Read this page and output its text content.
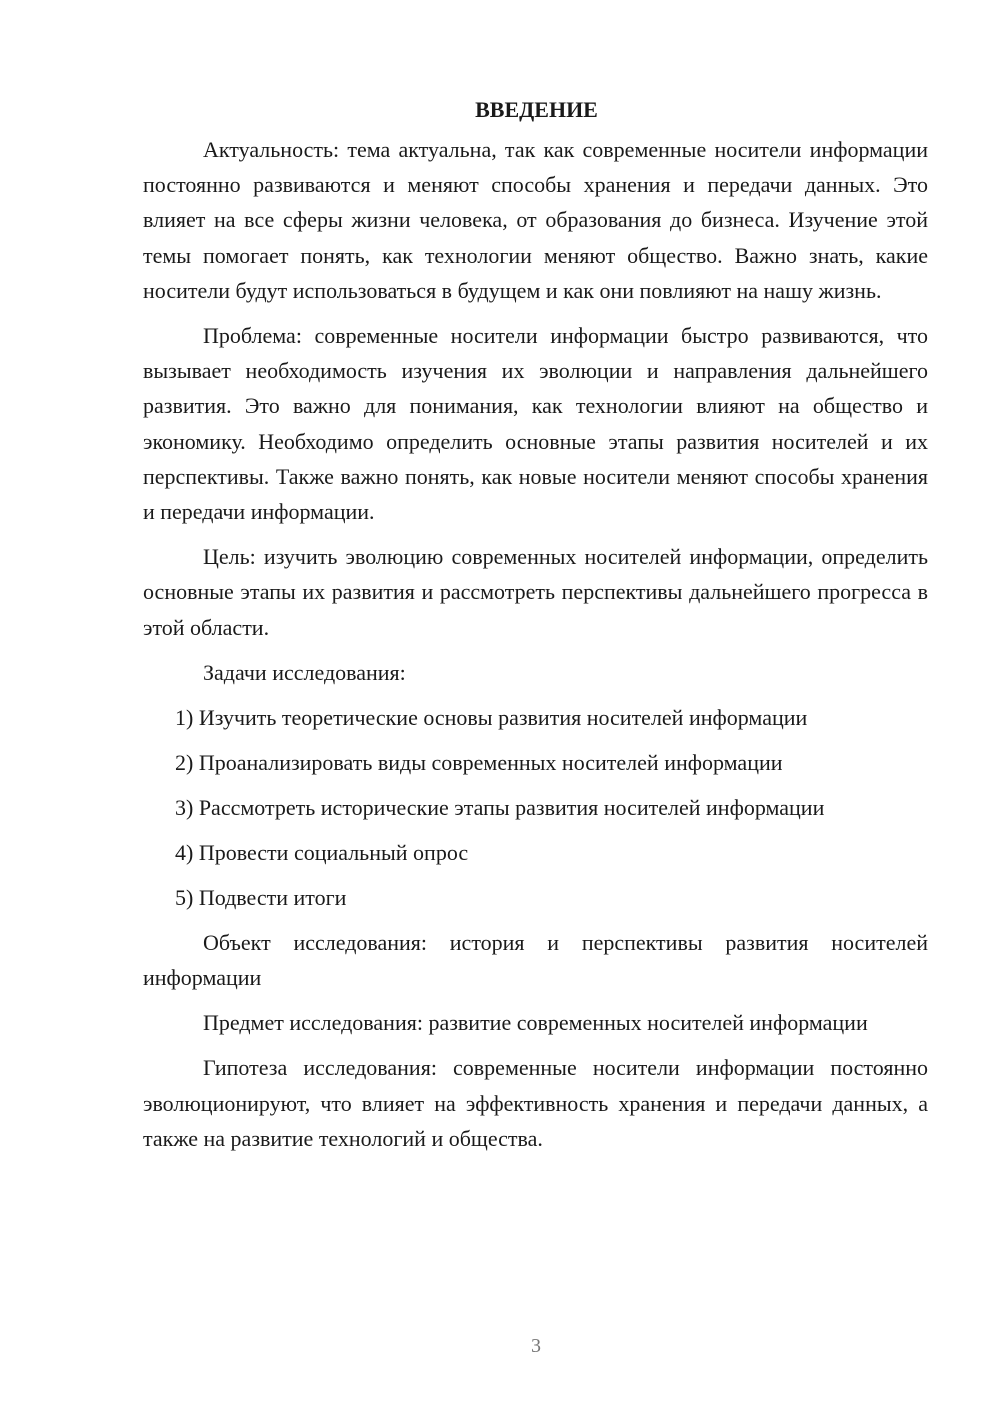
ВВЕДЕНИЕ

Актуальность: тема актуальна, так как современные носители информации постоянно развиваются и меняют способы хранения и передачи данных. Это влияет на все сферы жизни человека, от образования до бизнеса. Изучение этой темы помогает понять, как технологии меняют общество. Важно знать, какие носители будут использоваться в будущем и как они повлияют на нашу жизнь.

Проблема: современные носители информации быстро развиваются, что вызывает необходимость изучения их эволюции и направления дальнейшего развития. Это важно для понимания, как технологии влияют на общество и экономику. Необходимо определить основные этапы развития носителей и их перспективы. Также важно понять, как новые носители меняют способы хранения и передачи информации.

Цель: изучить эволюцию современных носителей информации, определить основные этапы их развития и рассмотреть перспективы дальнейшего прогресса в этой области.

Задачи исследования:

1) Изучить теоретические основы развития носителей информации
2) Проанализировать виды современных носителей информации
3) Рассмотреть исторические этапы развития носителей информации
4) Провести социальный опрос
5) Подвести итоги

Объект исследования: история и перспективы развития носителей информации

Предмет исследования: развитие современных носителей информации

Гипотеза исследования: современные носители информации постоянно эволюционируют, что влияет на эффективность хранения и передачи данных, а также на развитие технологий и общества.

3
